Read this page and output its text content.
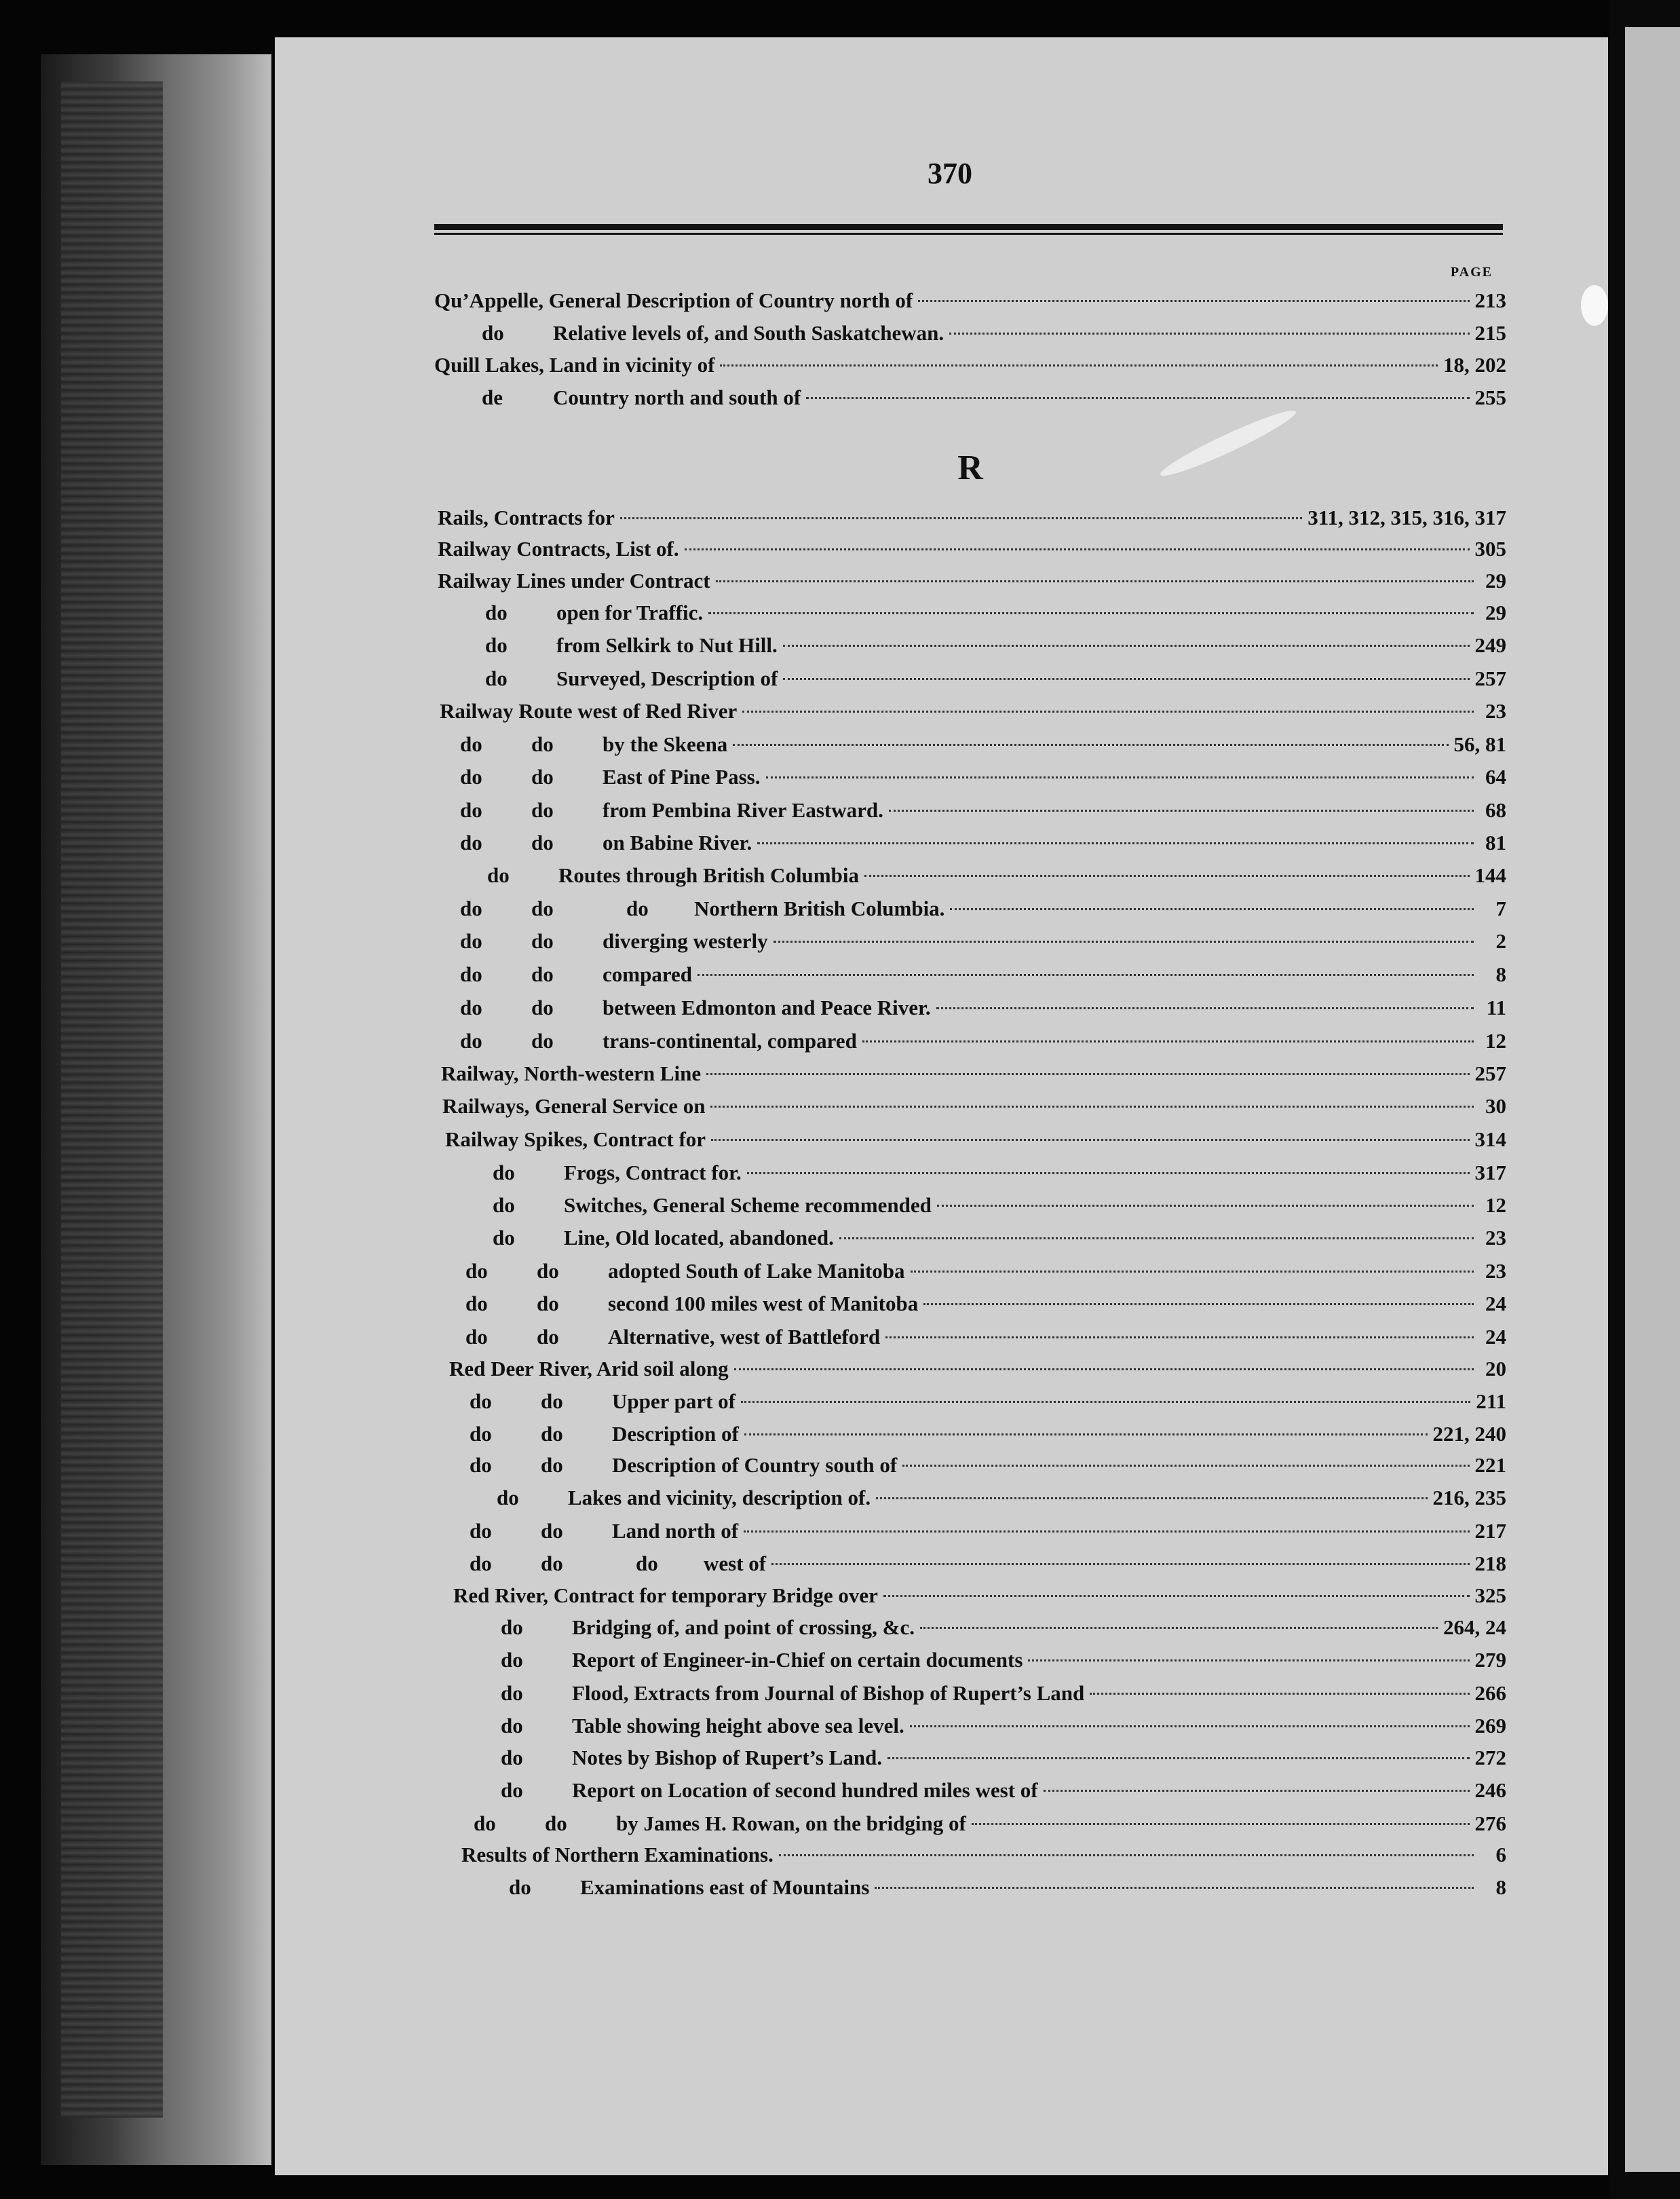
370
PAGE
R
Qu’Appelle, General Description of Country north of	213
do Relative levels of, and South Saskatchewan.	215
Quill Lakes, Land in vicinity of	18, 202
de Country north and south of	255
Rails, Contracts for	311, 312, 315, 316, 317
Railway Contracts, List of.	305
Railway Lines under Contract	29
do open for Traffic.	29
do from Selkirk to Nut Hill.	249
do Surveyed, Description of	257
Railway Route west of Red River	23
do do by the Skeena	56, 81
do do East of Pine Pass.	64
do do from Pembina River Eastward.	68
do do on Babine River.	81
do Routes through British Columbia	144
do do	do Northern British Columbia.	7
do do diverging westerly	2
do do compared	8
do do between Edmonton and Peace River.	11
do do trans-continental, compared	12
Railway, North-western Line	257
Railways, General Service on	30
Railway Spikes, Contract for	314
do Frogs, Contract for.	317
do Switches, General Scheme recommended	12
do Line, Old located, abandoned.	23
do do adopted South of Lake Manitoba	23
do do second 100 miles west of Manitoba	24
do do Alternative, west of Battleford	24
Red Deer River, Arid soil along	20
do do Upper part of	211
do do Description of	221, 240
do do Description of Country south of	221
do Lakes and vicinity, description of.	216, 235
do do Land north of	217
do do	do west of	218
Red River, Contract for temporary Bridge over	325
do Bridging of, and point of crossing, &c.	264, 24
do Report of Engineer-in-Chief on certain documents	279
do Flood, Extracts from Journal of Bishop of Rupert’s Land	266
do Table showing height above sea level.	269
do Notes by Bishop of Rupert’s Land.	272
do Report on Location of second hundred miles west of	246
do do by James H. Rowan, on the bridging of	276
Results of Northern Examinations.	6
do Examinations east of Mountains	8
